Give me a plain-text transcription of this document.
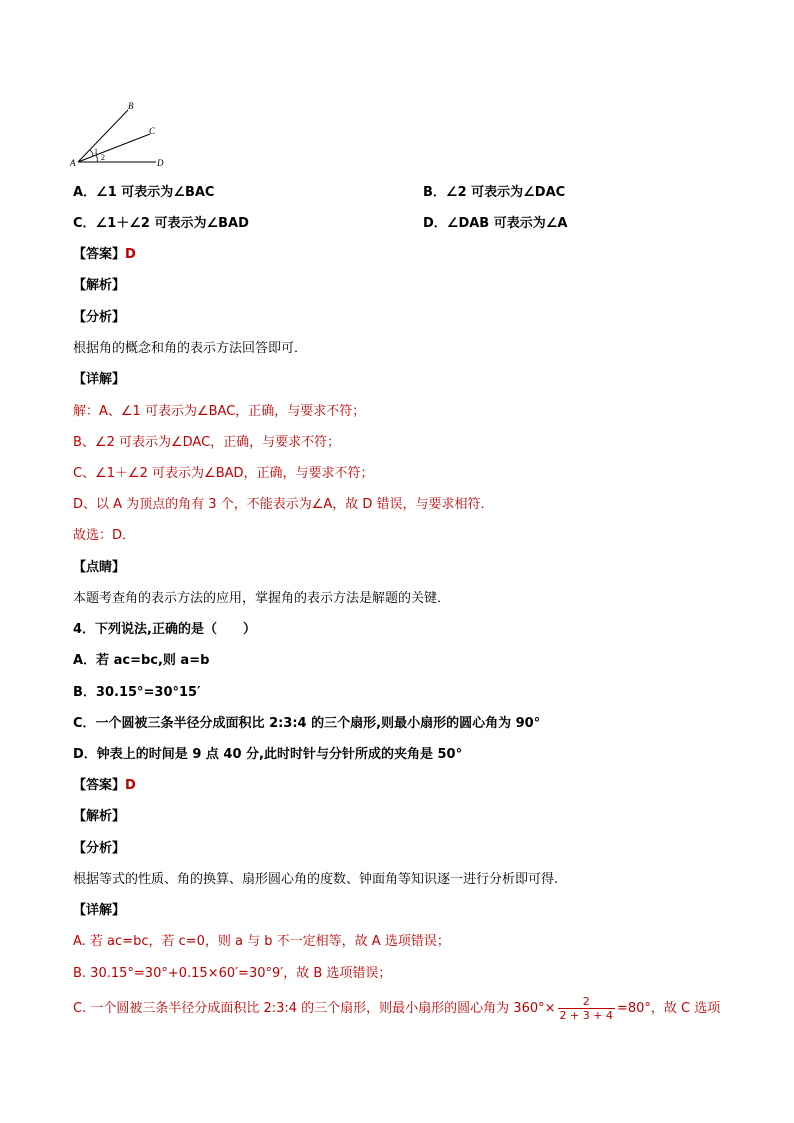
B
C
A	D
1
2
A．∠1 可表示为∠BAC	B．∠2 可表示为∠DAC
C．∠1＋∠2 可表示为∠BAD	D．∠DAB 可表示为∠A
【答案】D
【解析】
【分析】
根据角的概念和角的表示方法回答即可．
【详解】
解：A、∠1 可表示为∠BAC，正确，与要求不符；
B、∠2 可表示为∠DAC，正确，与要求不符；
C、∠1＋∠2 可表示为∠BAD，正确，与要求不符；
D、以 A 为顶点的角有 3 个，不能表示为∠A，故 D 错误，与要求相符．
故选：D．
【点睛】
本题考查角的表示方法的应用，掌握角的表示方法是解题的关键．
4．下列说法,正确的是（　　）
A．若 ac=bc,则 a=b
B．30.15°=30°15′
C．一个圆被三条半径分成面积比 2:3:4 的三个扇形,则最小扇形的圆心角为 90°
D．钟表上的时间是 9 点 40 分,此时时针与分针所成的夹角是 50°
【答案】D
【解析】
【分析】
根据等式的性质、角的换算、扇形圆心角的度数、钟面角等知识逐一进行分析即可得.
【详解】
A. 若 ac=bc，若 c=0，则 a 与 b 不一定相等，故 A 选项错误；
B. 30.15°=30°+0.15×60′=30°9′，故 B 选项错误；
C. 一个圆被三条半径分成面积比 2:3:4 的三个扇形，则最小扇形的圆心角为 $360^\circ\times \frac{2}{2 + 3 + 4} =80^\circ$，故 C 选项
